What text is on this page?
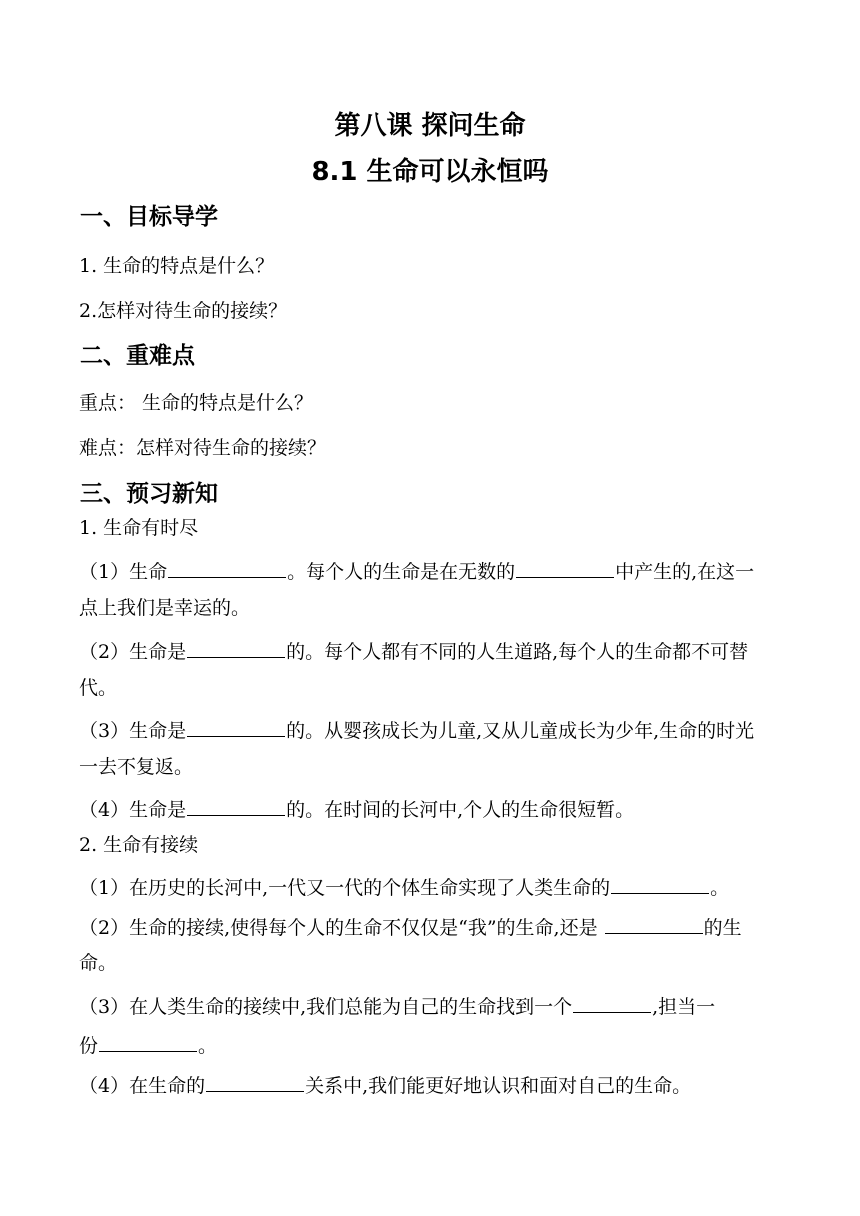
第八课 探问生命
8.1 生命可以永恒吗
一、目标导学
1. 生命的特点是什么？
2.怎样对待生命的接续？
二、重难点
重点： 生命的特点是什么？
难点：怎样对待生命的接续？
三、预习新知
1. 生命有时尽
（1）生命	。每个人的生命是在无数的	中产生的,在这一
点上我们是幸运的。
（2）生命是	的。每个人都有不同的人生道路,每个人的生命都不可替
代。
（3）生命是	的。从婴孩成长为儿童,又从儿童成长为少年,生命的时光
一去不复返。
（4）生命是	的。在时间的长河中,个人的生命很短暂。
2. 生命有接续
（1）在历史的长河中,一代又一代的个体生命实现了人类生命的	。
（2）生命的接续,使得每个人的生命不仅仅是“我”的生命,还是	的生
命。
（3）在人类生命的接续中,我们总能为自己的生命找到一个	,担当一
份	。
（4）在生命的	关系中,我们能更好地认识和面对自己的生命。
